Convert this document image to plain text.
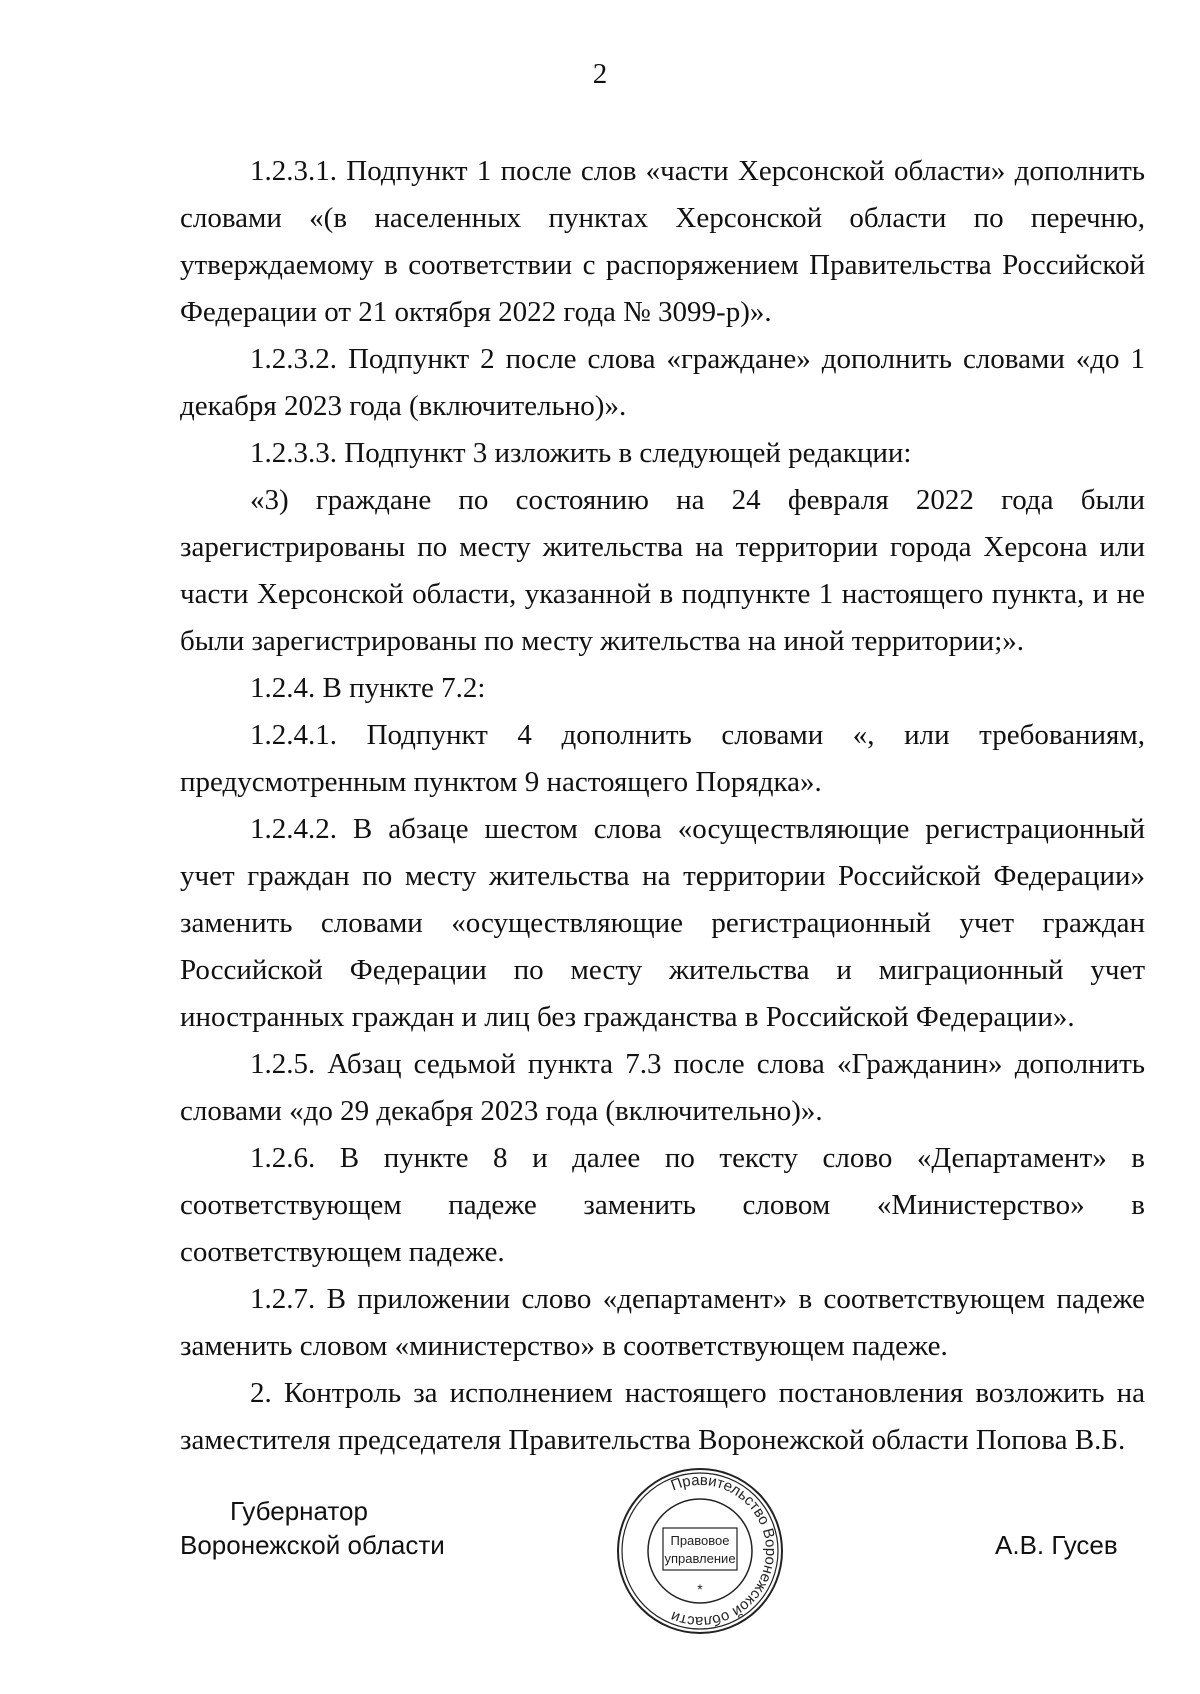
2

1.2.3.1. Подпункт 1 после слов «части Херсонской области» дополнить словами «(в населенных пунктах Херсонской области по перечню, утверждаемому в соответствии с распоряжением Правительства Российской Федерации от 21 октября 2022 года № 3099-р)».

1.2.3.2. Подпункт 2 после слова «граждане» дополнить словами «до 1 декабря 2023 года (включительно)».

1.2.3.3. Подпункт 3 изложить в следующей редакции:

«3) граждане по состоянию на 24 февраля 2022 года были зарегистрированы по месту жительства на территории города Херсона или части Херсонской области, указанной в подпункте 1 настоящего пункта, и не были зарегистрированы по месту жительства на иной территории;».

1.2.4. В пункте 7.2:

1.2.4.1. Подпункт 4 дополнить словами «, или требованиям, предусмотренным пунктом 9 настоящего Порядка».

1.2.4.2. В абзаце шестом слова «осуществляющие регистрационный учет граждан по месту жительства на территории Российской Федерации» заменить словами «осуществляющие регистрационный учет граждан Российской Федерации по месту жительства и миграционный учет иностранных граждан и лиц без гражданства в Российской Федерации».

1.2.5. Абзац седьмой пункта 7.3 после слова «Гражданин» дополнить словами «до 29 декабря 2023 года (включительно)».

1.2.6. В пункте 8 и далее по тексту слово «Департамент» в соответствующем падеже заменить словом «Министерство» в соответствующем падеже.

1.2.7. В приложении слово «департамент» в соответствующем падеже заменить словом «министерство» в соответствующем падеже.

2. Контроль за исполнением настоящего постановления возложить на заместителя председателя Правительства Воронежской области Попова В.Б.

Губернатор
Воронежской области
Правительство Воронежской области
Правовое
управление
*
А.В. Гусев
